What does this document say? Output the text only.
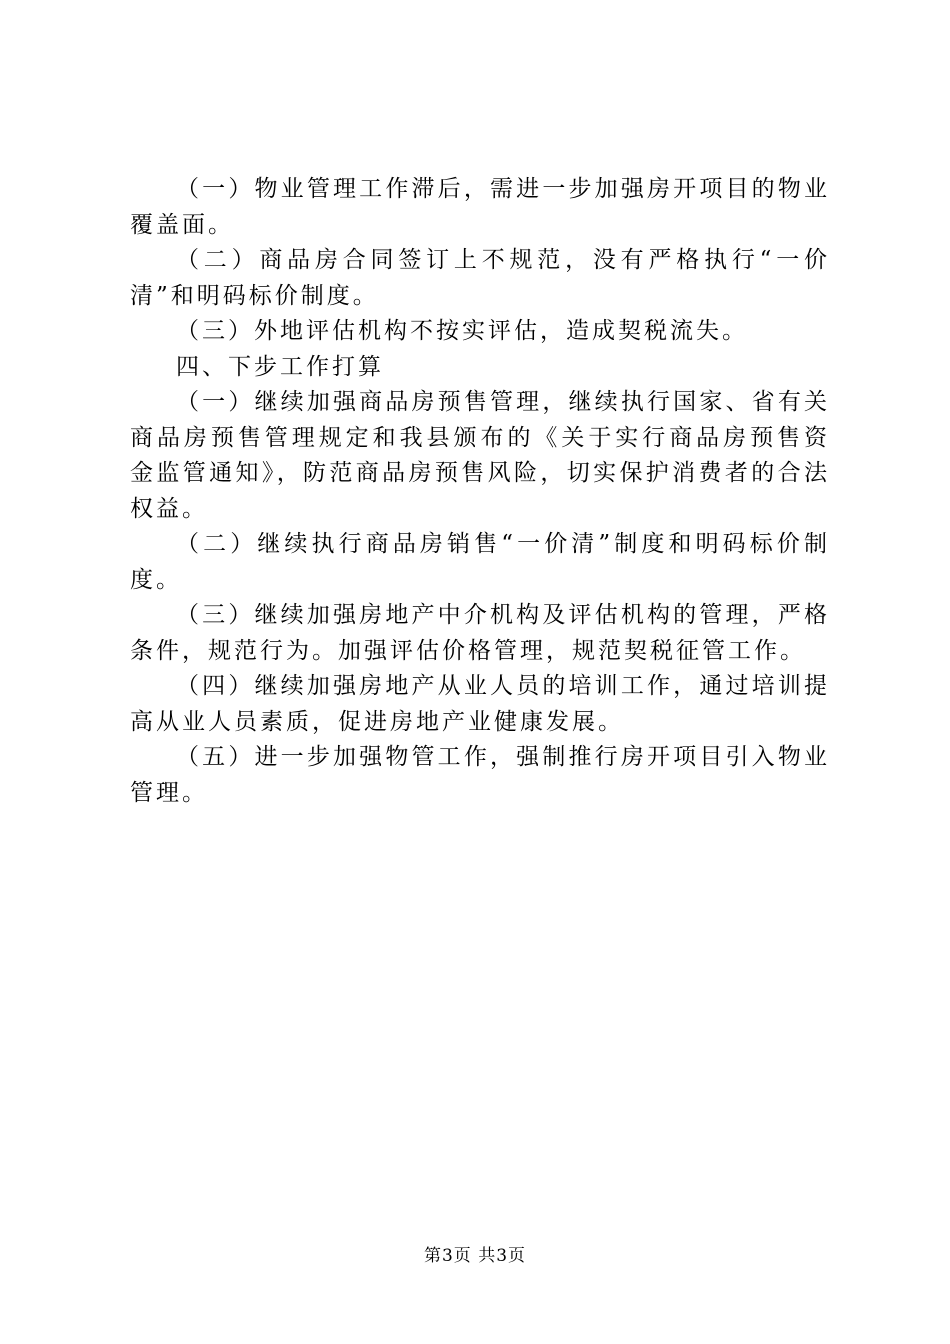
（一）物业管理工作滞后，需进一步加强房开项目的物业覆盖面。

（二）商品房合同签订上不规范，没有严格执行“一价清”和明码标价制度。

（三）外地评估机构不按实评估，造成契税流失。

四、下步工作打算

（一）继续加强商品房预售管理，继续执行国家、省有关商品房预售管理规定和我县颁布的《关于实行商品房预售资金监管通知》，防范商品房预售风险，切实保护消费者的合法权益。

（二）继续执行商品房销售“一价清”制度和明码标价制度。

（三）继续加强房地产中介机构及评估机构的管理，严格条件，规范行为。加强评估价格管理，规范契税征管工作。

（四）继续加强房地产从业人员的培训工作，通过培训提高从业人员素质，促进房地产业健康发展。

（五）进一步加强物管工作，强制推行房开项目引入物业管理。

第3页 共3页
